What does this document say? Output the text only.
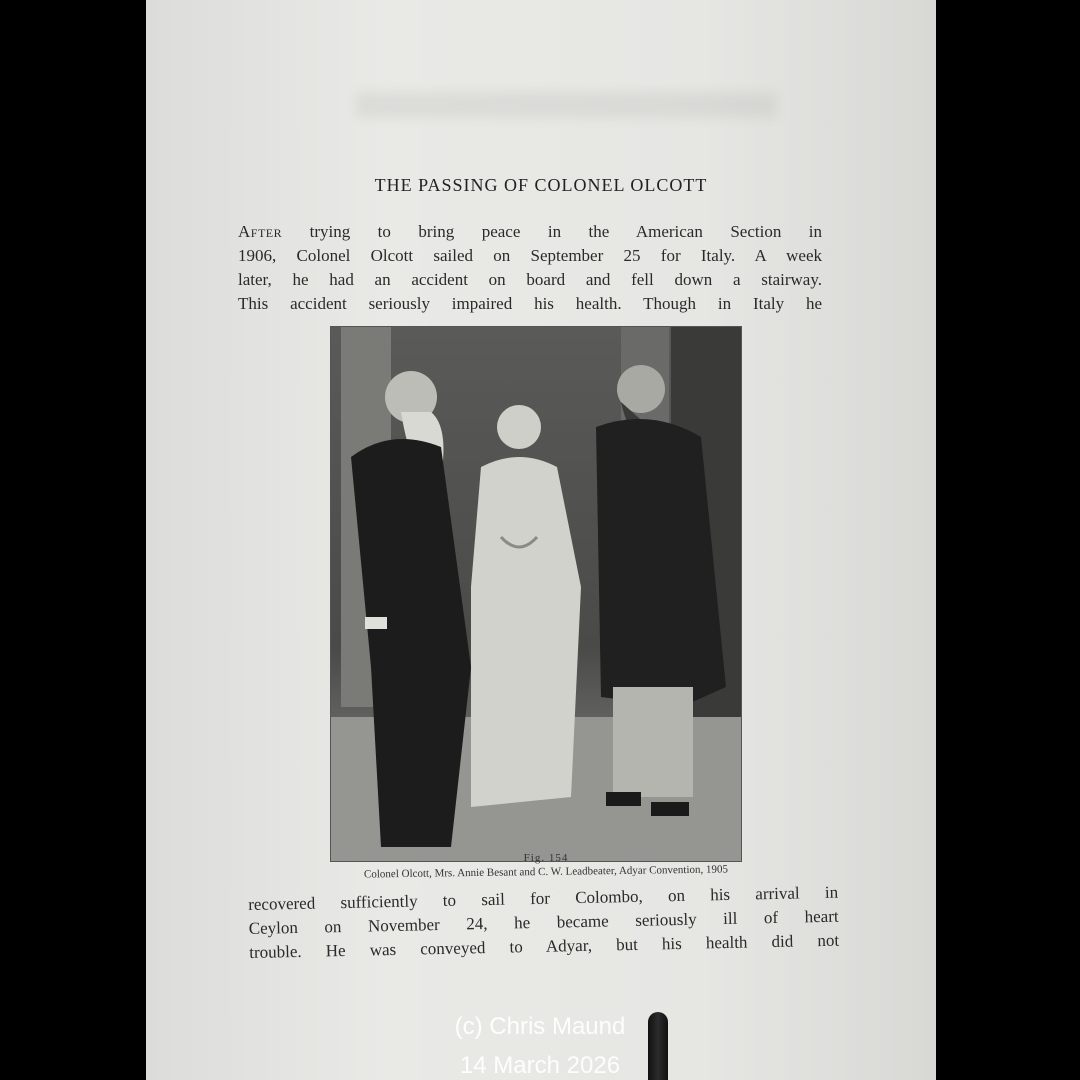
THE PASSING OF COLONEL OLCOTT
After trying to bring peace in the American Section in
1906, Colonel Olcott sailed on September 25 for Italy. A week
later, he had an accident on board and fell down a stairway.
This accident seriously impaired his health. Though in Italy he
Fig. 154
Colonel Olcott, Mrs. Annie Besant and C. W. Leadbeater, Adyar Convention, 1905
recovered sufficiently to sail for Colombo, on his arrival in
Ceylon on November 24, he became seriously ill of heart
trouble. He was conveyed to Adyar, but his health did not
(c) Chris Maund
14 March 2026
